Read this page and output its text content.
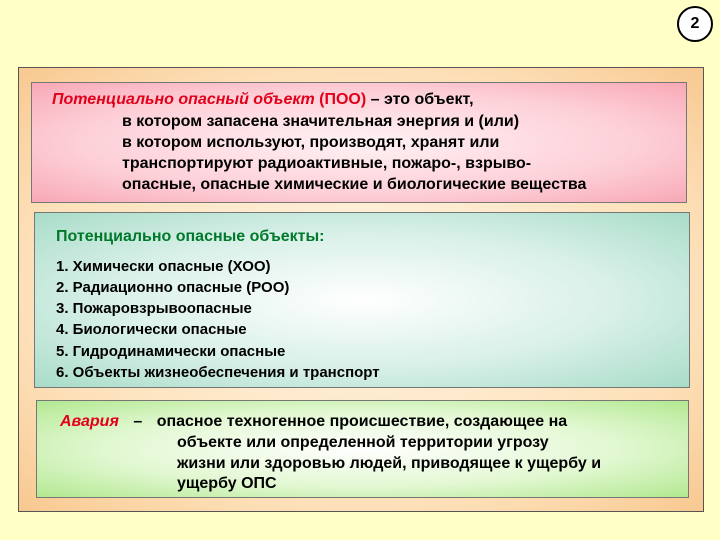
2
Потенциально опасный объект (ПОО) – это объект,
в котором запасена значительная энергия и (или)
в котором используют, производят, хранят или
транспортируют радиоактивные, пожаро-, взрыво-
опасные, опасные химические и биологические вещества
Потенциально опасные объекты:
1. Химически опасные (ХОО)
2. Радиационно опасные (РОО)
3. Пожаровзрывоопасные
4. Биологически опасные
5. Гидродинамически опасные
6. Объекты жизнеобеспечения и транспорт
Авария – опасное техногенное происшествие, создающее на
объекте или определенной территории угрозу
жизни или здоровью людей, приводящее к ущербу и
ущербу ОПС
